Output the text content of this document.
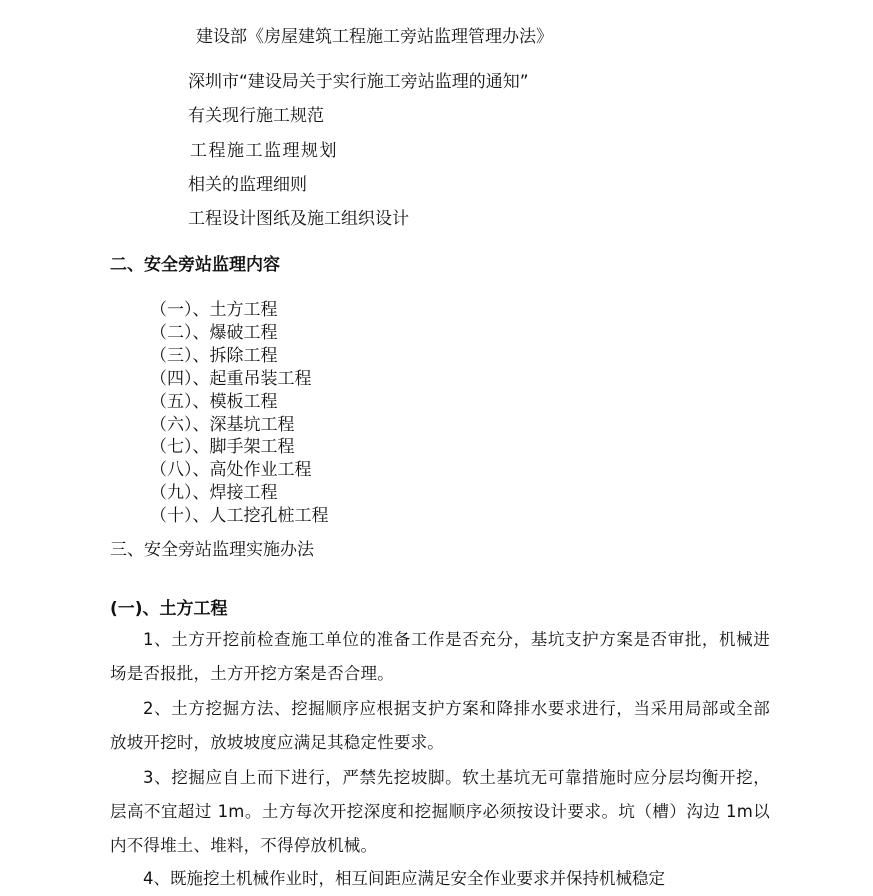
建设部《房屋建筑工程施工旁站监理管理办法》
深圳市“建设局关于实行施工旁站监理的通知”
有关现行施工规范
工程施工监理规划
相关的监理细则
工程设计图纸及施工组织设计
二、安全旁站监理内容
（一）、土方工程
（二）、爆破工程
（三）、拆除工程
（四）、起重吊装工程
（五）、模板工程
（六）、深基坑工程
（七）、脚手架工程
（八）、高处作业工程
（九）、焊接工程
（十）、人工挖孔桩工程
三、安全旁站监理实施办法
(一)、土方工程
1、土方开挖前检查施工单位的准备工作是否充分，基坑支护方案是否审批，机械进场是否报批，土方开挖方案是否合理。
2、土方挖掘方法、挖掘顺序应根据支护方案和降排水要求进行，当采用局部或全部放坡开挖时，放坡坡度应满足其稳定性要求。
3、挖掘应自上而下进行，严禁先挖坡脚。软土基坑无可靠措施时应分层均衡开挖，层高不宜超过 1m。土方每次开挖深度和挖掘顺序必须按设计要求。坑（槽）沟边 1m以内不得堆土、堆料，不得停放机械。
4、既施挖土机械作业时，相互间距应满足安全作业要求并保持机械稳定
